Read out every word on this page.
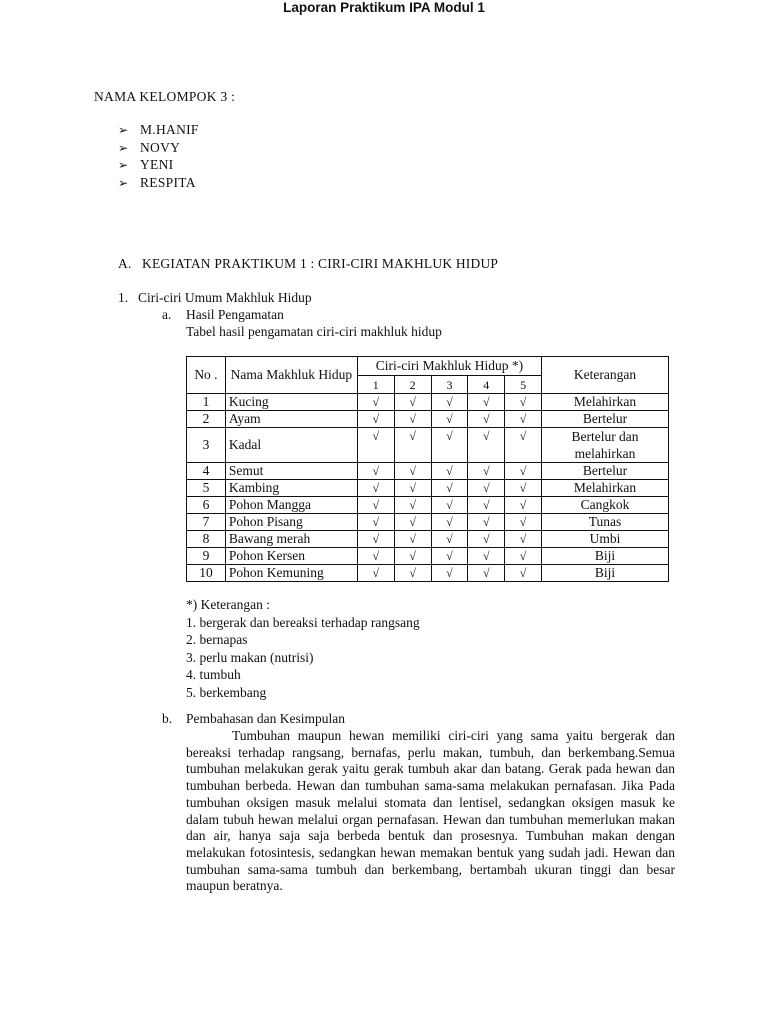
NAMA KELOMPOK 3 :
➢ M.HANIF
➢ NOVY
➢ YENI
➢ RESPITA
Laporan Praktikum IPA Modul 1
A. KEGIATAN PRAKTIKUM 1 : CIRI-CIRI MAKHLUK HIDUP
1. Ciri-ciri Umum Makhluk Hidup
a. Hasil Pengamatan
Tabel hasil pengamatan ciri-ciri makhluk hidup
No .	Nama Makhluk Hidup	Ciri-ciri Makhluk Hidup *)					Keterangan
		1	2	3	4	5	
1	Kucing	√	√	√	√	√	Melahirkan
2	Ayam	√	√	√	√	√	Bertelur
3	Kadal	√	√	√	√	√	Bertelur dan melahirkan
4	Semut	√	√	√	√	√	Bertelur
5	Kambing	√	√	√	√	√	Melahirkan
6	Pohon Mangga	√	√	√	√	√	Cangkok
7	Pohon Pisang	√	√	√	√	√	Tunas
8	Bawang merah	√	√	√	√	√	Umbi
9	Pohon Kersen	√	√	√	√	√	Biji
10	Pohon Kemuning	√	√	√	√	√	Biji
*) Keterangan :
1. bergerak dan bereaksi terhadap rangsang
2. bernapas
3. perlu makan (nutrisi)
4. tumbuh
5. berkembang
b. Pembahasan dan Kesimpulan
Tumbuhan maupun hewan memiliki ciri-ciri yang sama yaitu bergerak dan bereaksi terhadap rangsang, bernafas, perlu makan, tumbuh, dan berkembang.Semua tumbuhan melakukan gerak yaitu gerak tumbuh akar dan batang. Gerak pada hewan dan tumbuhan berbeda. Hewan dan tumbuhan sama-sama melakukan pernafasan. Jika Pada tumbuhan oksigen masuk melalui stomata dan lentisel, sedangkan oksigen masuk ke dalam tubuh hewan melalui organ pernafasan. Hewan dan tumbuhan memerlukan makan dan air, hanya saja saja berbeda bentuk dan prosesnya. Tumbuhan makan dengan melakukan fotosintesis, sedangkan hewan memakan bentuk yang sudah jadi. Hewan dan tumbuhan sama-sama tumbuh dan berkembang, bertambah ukuran tinggi dan besar maupun beratnya.
